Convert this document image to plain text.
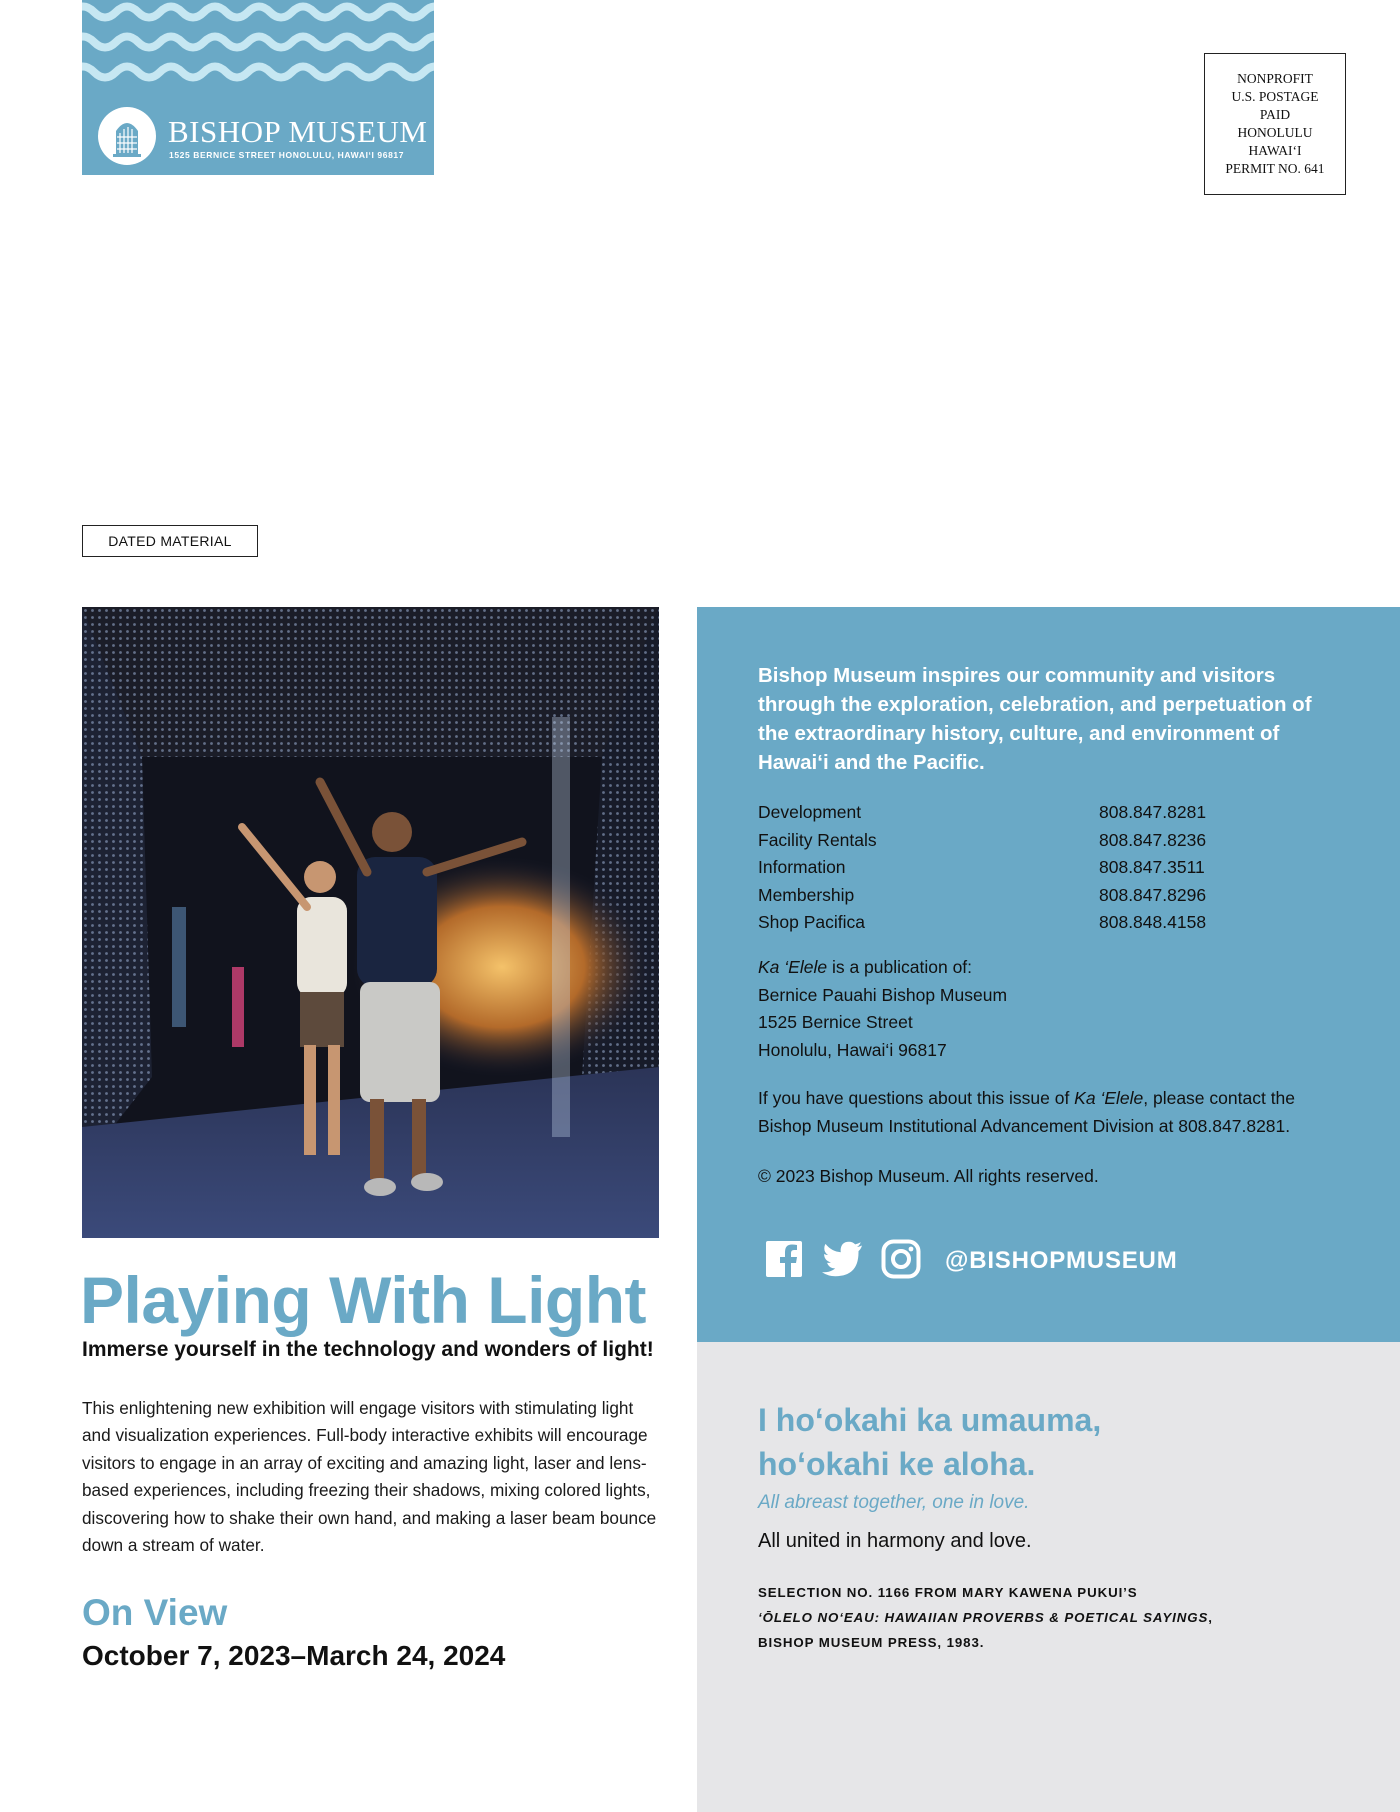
BISHOP MUSEUM
1525 BERNICE STREET HONOLULU, HAWAI‘I 96817
NONPROFIT
U.S. POSTAGE
PAID
HONOLULU
HAWAI‘I
PERMIT NO. 641
DATED MATERIAL
Playing With Light

Immerse yourself in the technology and wonders of light!

This enlightening new exhibition will engage visitors with stimulating light and visualization experiences. Full-body interactive exhibits will encourage visitors to engage in an array of exciting and amazing light, laser and lens-based experiences, including freezing their shadows, mixing colored lights, discovering how to shake their own hand, and making a laser beam bounce down a stream of water.

On View

October 7, 2023–March 24, 2024

Bishop Museum inspires our community and visitors through the exploration, celebration, and perpetuation of the extraordinary history, culture, and environment of Hawai‘i and the Pacific.

Development	808.847.8281
Facility Rentals	808.847.8236
Information	808.847.3511
Membership	808.847.8296
Shop Pacifica	808.848.4158

Ka ‘Elele is a publication of:
Bernice Pauahi Bishop Museum
1525 Bernice Street
Honolulu, Hawai‘i 96817

If you have questions about this issue of Ka ‘Elele, please contact the Bishop Museum Institutional Advancement Division at 808.847.8281.

© 2023 Bishop Museum. All rights reserved.

@BISHOPMUSEUM

I ho‘okahi ka umauma,
ho‘okahi ke aloha.

All abreast together, one in love.

All united in harmony and love.

SELECTION NO. 1166 FROM MARY KAWENA PUKUI’S
‘ŌLELO NO‘EAU: HAWAIIAN PROVERBS & POETICAL SAYINGS,
BISHOP MUSEUM PRESS, 1983.
